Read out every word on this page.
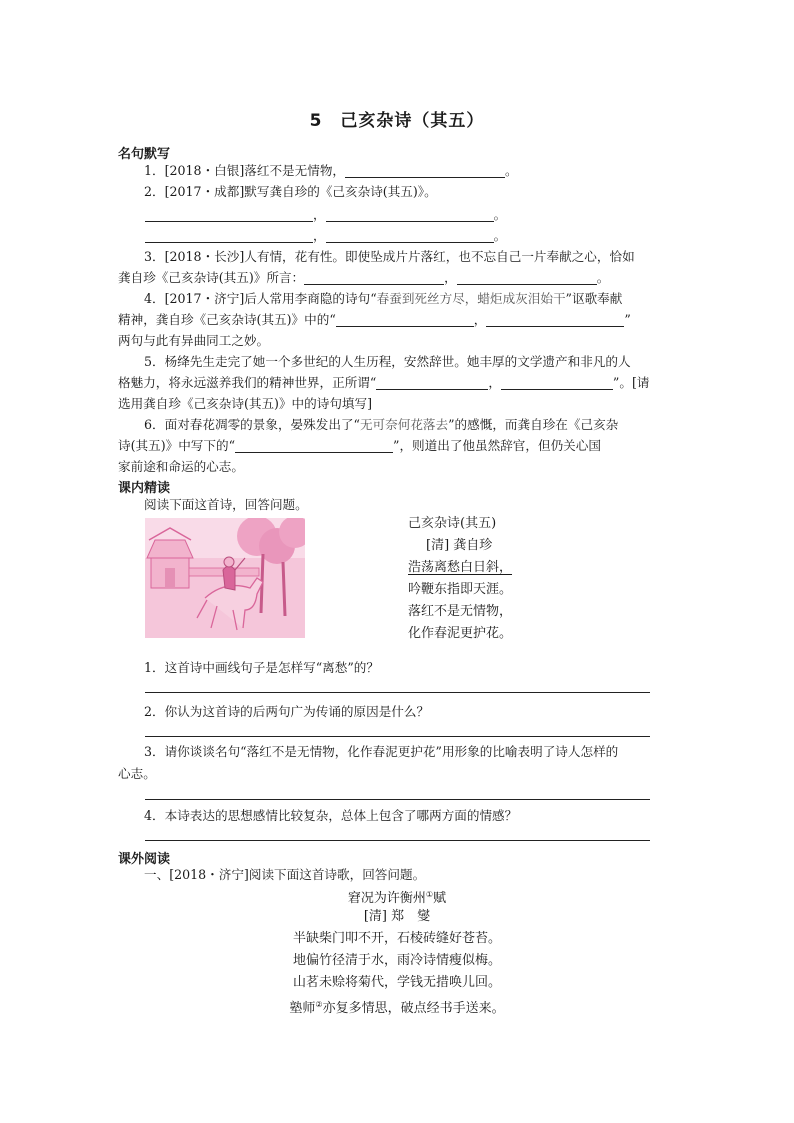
5　己亥杂诗（其五）
名句默写
1．[2018・白银]落红不是无情物，	。
2．[2017・成都]默写龚自珍的《己亥杂诗(其五)》。
，	。
，	。
3．[2018・长沙]人有情，花有性。即使坠成片片落红，也不忘自己一片奉献之心，恰如
龚自珍《己亥杂诗(其五)》所言：	，	。
4．[2017・济宁]后人常用李商隐的诗句“春蚕到死丝方尽，蜡炬成灰泪始干”讴歌奉献
精神，龚自珍《己亥杂诗(其五)》中的“	，	”
两句与此有异曲同工之妙。
5．杨绛先生走完了她一个多世纪的人生历程，安然辞世。她丰厚的文学遗产和非凡的人
格魅力，将永远滋养我们的精神世界，正所谓“	，	”。[请
选用龚自珍《己亥杂诗(其五)》中的诗句填写]
6．面对春花凋零的景象，晏殊发出了“无可奈何花落去”的感慨，而龚自珍在《己亥杂
诗(其五)》中写下的“	”，则道出了他虽然辞官，但仍关心国
家前途和命运的心志。
课内精读
阅读下面这首诗，回答问题。
己亥杂诗(其五)
[清] 龚自珍
浩荡离愁白日斜，
吟鞭东指即天涯。
落红不是无情物，
化作春泥更护花。
1．这首诗中画线句子是怎样写“离愁”的？
2．你认为这首诗的后两句广为传诵的原因是什么？
3．请你谈谈名句“落红不是无情物，化作春泥更护花”用形象的比喻表明了诗人怎样的
心志。
4．本诗表达的思想感情比较复杂，总体上包含了哪两方面的情感？
课外阅读
一、[2018・济宁]阅读下面这首诗歌，回答问题。
窘况为许衡州①赋
[清] 郑　燮
半缺柴门叩不开，石棱砖缝好苍苔。
地偏竹径清于水，雨冷诗情瘦似梅。
山茗未赊将菊代，学钱无措唤儿回。
塾师②亦复多情思，破点经书手送来。
